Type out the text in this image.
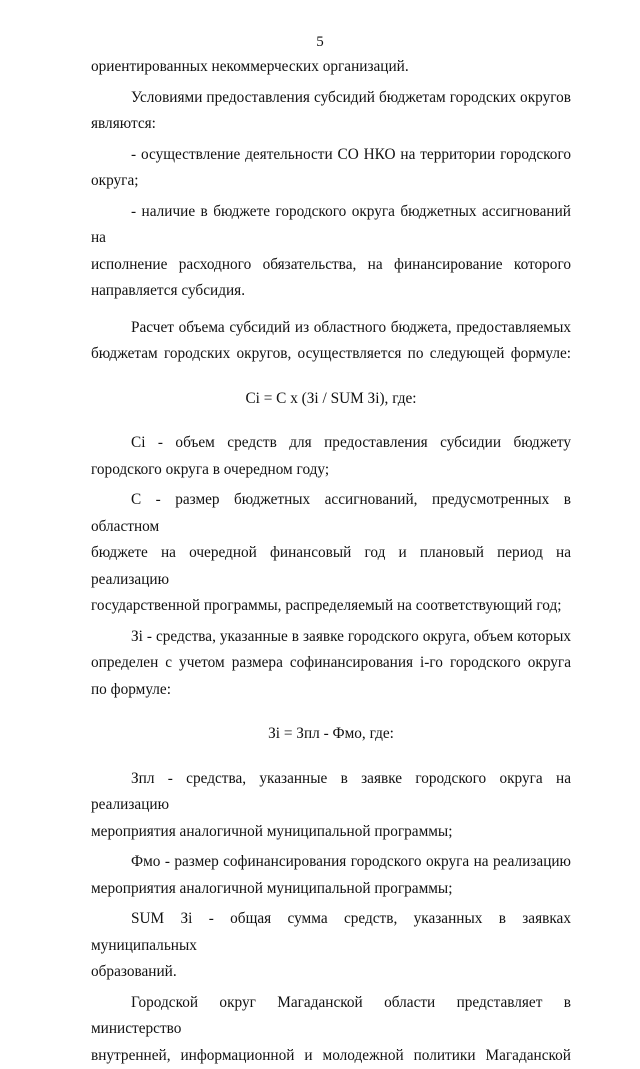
5

ориентированных некоммерческих организаций.

Условиями предоставления субсидий бюджетам городских округов

являются:

- осуществление деятельности СО НКО на территории городского

округа;

- наличие в бюджете городского округа бюджетных ассигнований на

исполнение расходного обязательства, на финансирование которого

направляется субсидия.

Расчет объема субсидий из областного бюджета, предоставляемых

бюджетам городских округов, осуществляется по следующей формуле:

Ci = C x (Зi / SUM Зi), где:

Ci - объем средств для предоставления субсидии бюджету

городского округа в очередном году;

С - размер бюджетных ассигнований, предусмотренных в областном

бюджете на очередной финансовый год и плановый период на реализацию

государственной программы, распределяемый на соответствующий год;

Зi - средства, указанные в заявке городского округа, объем которых

определен с учетом размера софинансирования i-го городского округа

по формуле:

Зi = Зпл - Фмо, где:

Зпл - средства, указанные в заявке городского округа на реализацию

мероприятия аналогичной муниципальной программы;

Фмо - размер софинансирования городского округа на реализацию

мероприятия аналогичной муниципальной программы;

SUM Зi - общая сумма средств, указанных в заявках муниципальных

образований.

Городской округ Магаданской области представляет в министерство

внутренней, информационной и молодежной политики Магаданской
